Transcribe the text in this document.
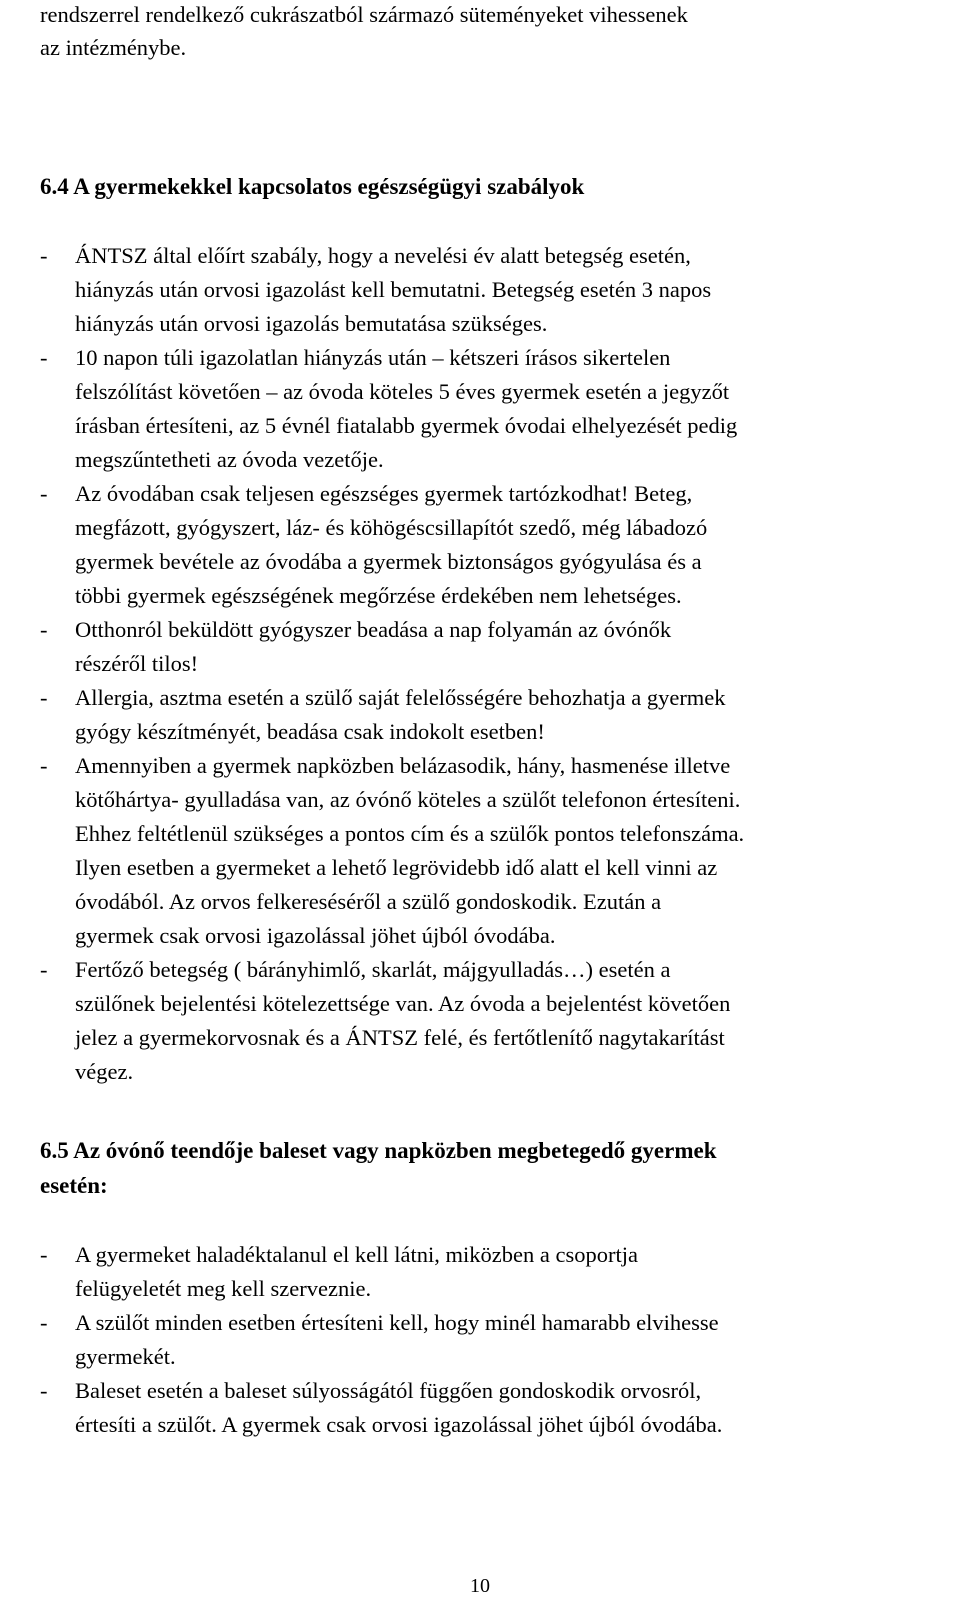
rendszerrel rendelkező cukrászatból származó süteményeket vihessenek
az intézménybe.
6.4 A gyermekekkel kapcsolatos egészségügyi szabályok
- ÁNTSZ által előírt szabály, hogy a nevelési év alatt betegség esetén,
hiányzás után orvosi igazolást kell bemutatni. Betegség esetén 3 napos
hiányzás után orvosi igazolás bemutatása szükséges.
- 10 napon túli igazolatlan hiányzás után – kétszeri írásos sikertelen
felszólítást követően – az óvoda köteles 5 éves gyermek esetén a jegyzőt
írásban értesíteni, az 5 évnél fiatalabb gyermek óvodai elhelyezését pedig
megszűntetheti az óvoda vezetője.
- Az óvodában csak teljesen egészséges gyermek tartózkodhat! Beteg,
megfázott, gyógyszert, láz- és köhögéscsillapítót szedő, még lábadozó
gyermek bevétele az óvodába a gyermek biztonságos gyógyulása és a
többi gyermek egészségének megőrzése érdekében nem lehetséges.
- Otthonról beküldött gyógyszer beadása a nap folyamán az óvónők
részéről tilos!
- Allergia, asztma esetén a szülő saját felelősségére behozhatja a gyermek
gyógy készítményét, beadása csak indokolt esetben!
- Amennyiben a gyermek napközben belázasodik, hány, hasmenése illetve
kötőhártya- gyulladása van, az óvónő köteles a szülőt telefonon értesíteni.
Ehhez feltétlenül szükséges a pontos cím és a szülők pontos telefonszáma.
Ilyen esetben a gyermeket a lehető legrövidebb idő alatt el kell vinni az
óvodából. Az orvos felkereséséről a szülő gondoskodik. Ezután a
gyermek csak orvosi igazolással jöhet újból óvodába.
- Fertőző betegség ( bárányhimlő, skarlát, májgyulladás…) esetén a
szülőnek bejelentési kötelezettsége van. Az óvoda a bejelentést követően
jelez a gyermekorvosnak és a ÁNTSZ felé, és fertőtlenítő nagytakarítást
végez.
6.5 Az óvónő teendője baleset vagy napközben megbetegedő gyermek
esetén:
- A gyermeket haladéktalanul el kell látni, miközben a csoportja
felügyeletét meg kell szerveznie.
- A szülőt minden esetben értesíteni kell, hogy minél hamarabb elvihesse
gyermekét.
- Baleset esetén a baleset súlyosságától függően gondoskodik orvosról,
értesíti a szülőt. A gyermek csak orvosi igazolással jöhet újból óvodába.
10
